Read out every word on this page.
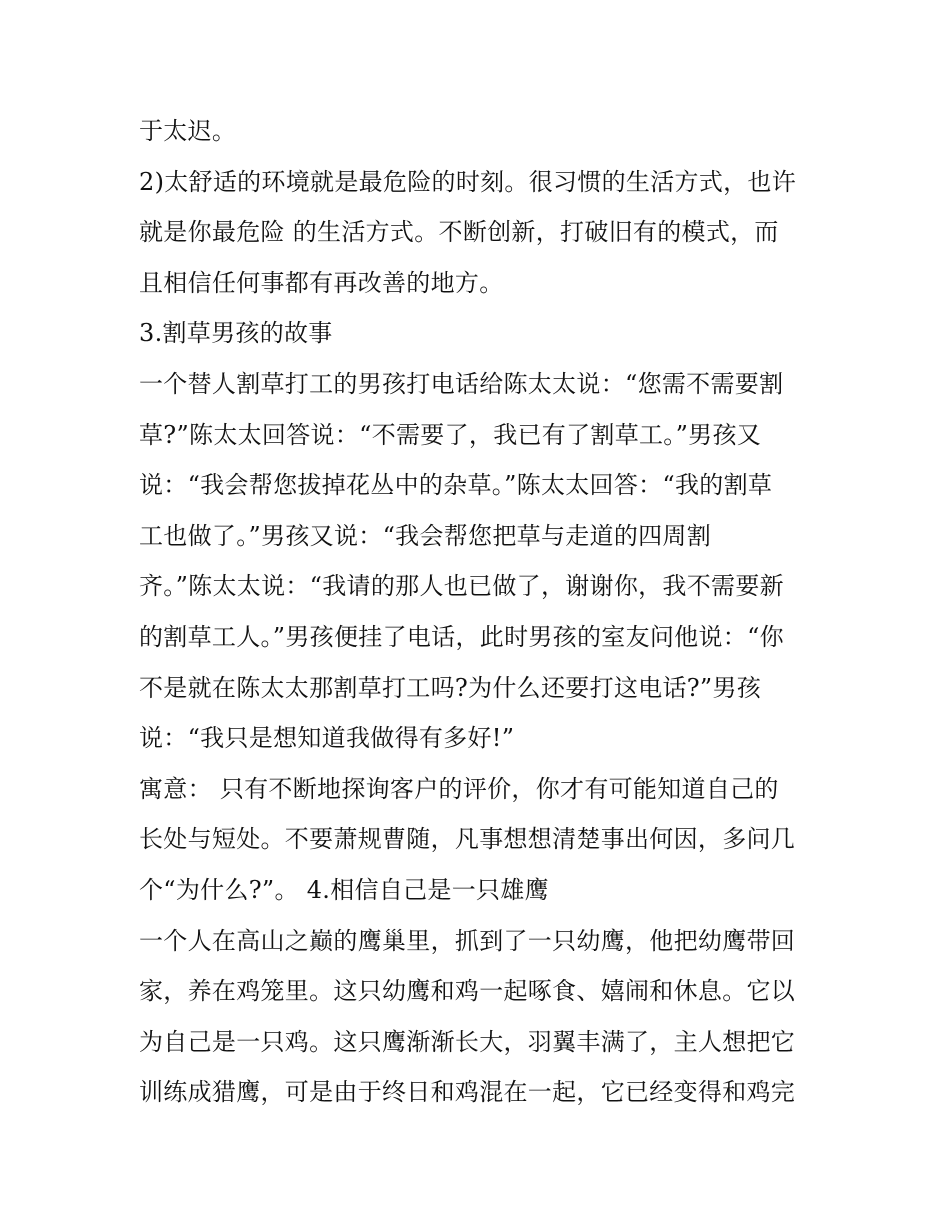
于太迟。
2)太舒适的环境就是最危险的时刻。很习惯的生活方式，也许
就是你最危险 的生活方式。不断创新，打破旧有的模式，而
且相信任何事都有再改善的地方。
3.割草男孩的故事
一个替人割草打工的男孩打电话给陈太太说：“您需不需要割
草?”陈太太回答说：“不需要了，我已有了割草工。”男孩又
说：“我会帮您拔掉花丛中的杂草。”陈太太回答：“我的割草
工也做了。”男孩又说：“我会帮您把草与走道的四周割
齐。”陈太太说：“我请的那人也已做了，谢谢你，我不需要新
的割草工人。”男孩便挂了电话，此时男孩的室友问他说：“你
不是就在陈太太那割草打工吗?为什么还要打这电话?”男孩
说：“我只是想知道我做得有多好!”
寓意： 只有不断地探询客户的评价，你才有可能知道自己的
长处与短处。不要萧规曹随，凡事想想清楚事出何因，多问几
个“为什么?”。 4.相信自己是一只雄鹰
一个人在高山之巅的鹰巢里，抓到了一只幼鹰，他把幼鹰带回
家，养在鸡笼里。这只幼鹰和鸡一起啄食、嬉闹和休息。它以
为自己是一只鸡。这只鹰渐渐长大，羽翼丰满了，主人想把它
训练成猎鹰，可是由于终日和鸡混在一起，它已经变得和鸡完
